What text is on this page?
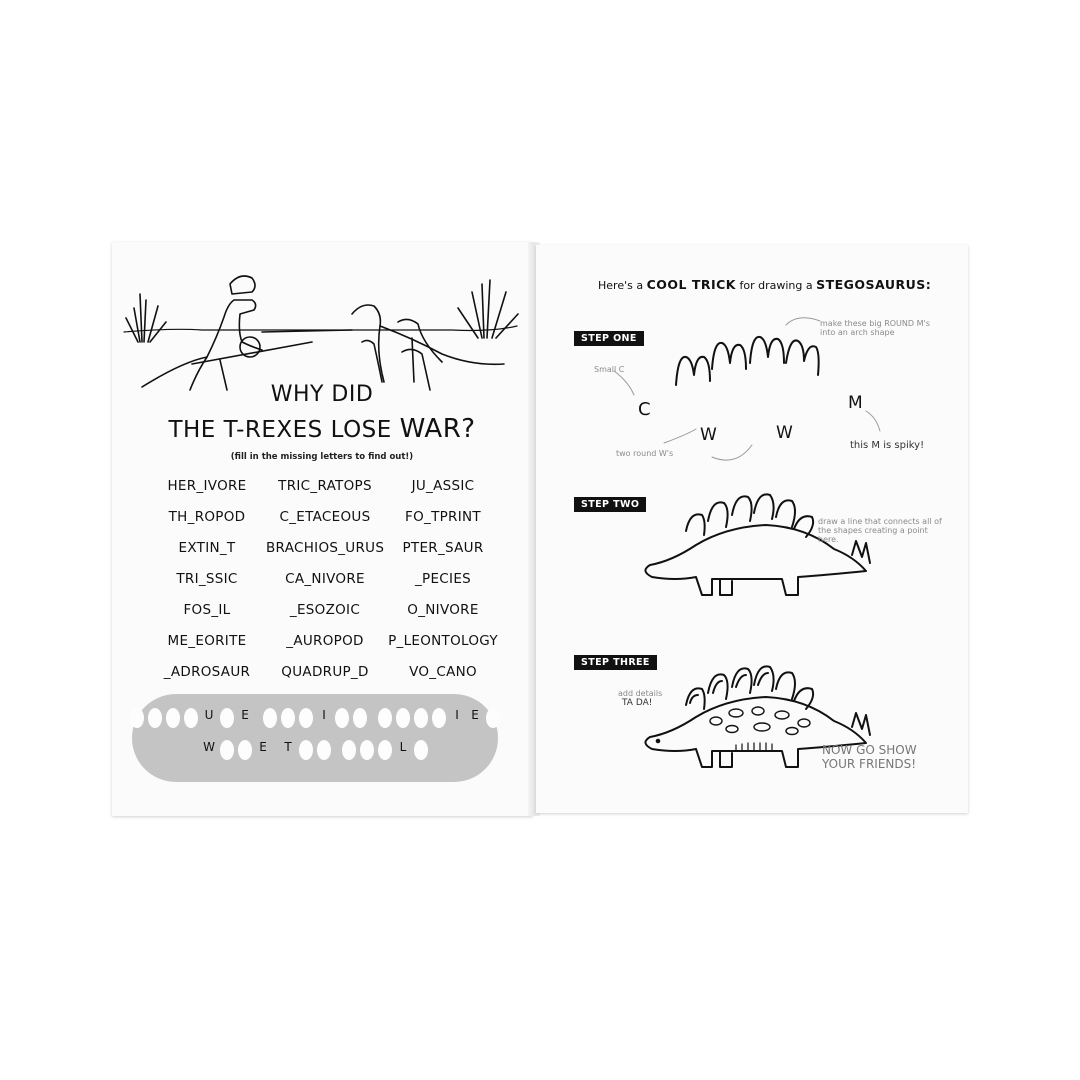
WHY DID
THE T-REXES LOSE WAR?
(fill in the missing letters to find out!)
HER_IVORE	TRIC_RATOPS	JU_ASSIC
TH_ROPOD	C_ETACEOUS	FO_TPRINT
EXTIN_T	BRACHIOS_URUS	PTER_SAUR
TRI_SSIC	CA_NIVORE	_PECIES
FOS_IL	_ESOZOIC	O_NIVORE
ME_EORITE	_AUROPOD	P_LEONTOLOGY
_ADROSAUR	QUADRUP_D	VO_CANO
U	E	I	I	E
W	E	T	L
Here's a COOL TRICK for drawing a STEGOSAURUS:
STEP ONE
STEP TWO
STEP THREE
C
W	W
M
make these big ROUND M's into an arch shape
Small C
two round W's
this M is spiky!
draw a line that connects all of the shapes creating a point here.
add details
TA DA!
NOW GO SHOW YOUR FRIENDS!
